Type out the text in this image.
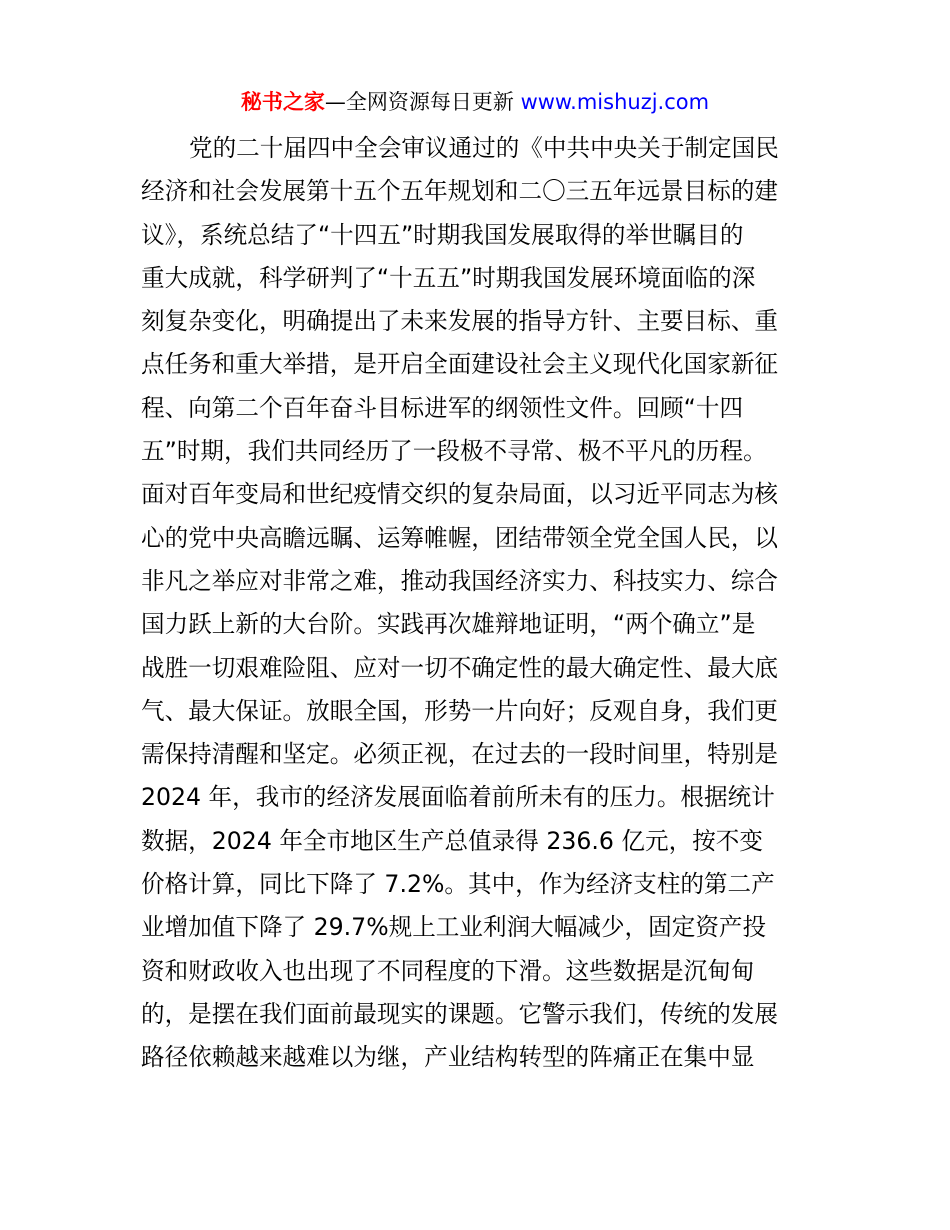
秘书之家—全网资源每日更新 www.mishuzj.com
党的二十届四中全会审议通过的《中共中央关于制定国民
经济和社会发展第十五个五年规划和二〇三五年远景目标的建
议》，系统总结了“十四五”时期我国发展取得的举世瞩目的
重大成就，科学研判了“十五五”时期我国发展环境面临的深
刻复杂变化，明确提出了未来发展的指导方针、主要目标、重
点任务和重大举措，是开启全面建设社会主义现代化国家新征
程、向第二个百年奋斗目标进军的纲领性文件。回顾“十四
五”时期，我们共同经历了一段极不寻常、极不平凡的历程。
面对百年变局和世纪疫情交织的复杂局面，以习近平同志为核
心的党中央高瞻远瞩、运筹帷幄，团结带领全党全国人民，以
非凡之举应对非常之难，推动我国经济实力、科技实力、综合
国力跃上新的大台阶。实践再次雄辩地证明，“两个确立”是
战胜一切艰难险阻、应对一切不确定性的最大确定性、最大底
气、最大保证。放眼全国，形势一片向好；反观自身，我们更
需保持清醒和坚定。必须正视，在过去的一段时间里，特别是
2024 年，我市的经济发展面临着前所未有的压力。根据统计
数据，2024 年全市地区生产总值录得 236.6 亿元，按不变
价格计算，同比下降了 7.2%。其中，作为经济支柱的第二产
业增加值下降了 29.7%规上工业利润大幅减少，固定资产投
资和财政收入也出现了不同程度的下滑。这些数据是沉甸甸
的，是摆在我们面前最现实的课题。它警示我们，传统的发展
路径依赖越来越难以为继，产业结构转型的阵痛正在集中显
